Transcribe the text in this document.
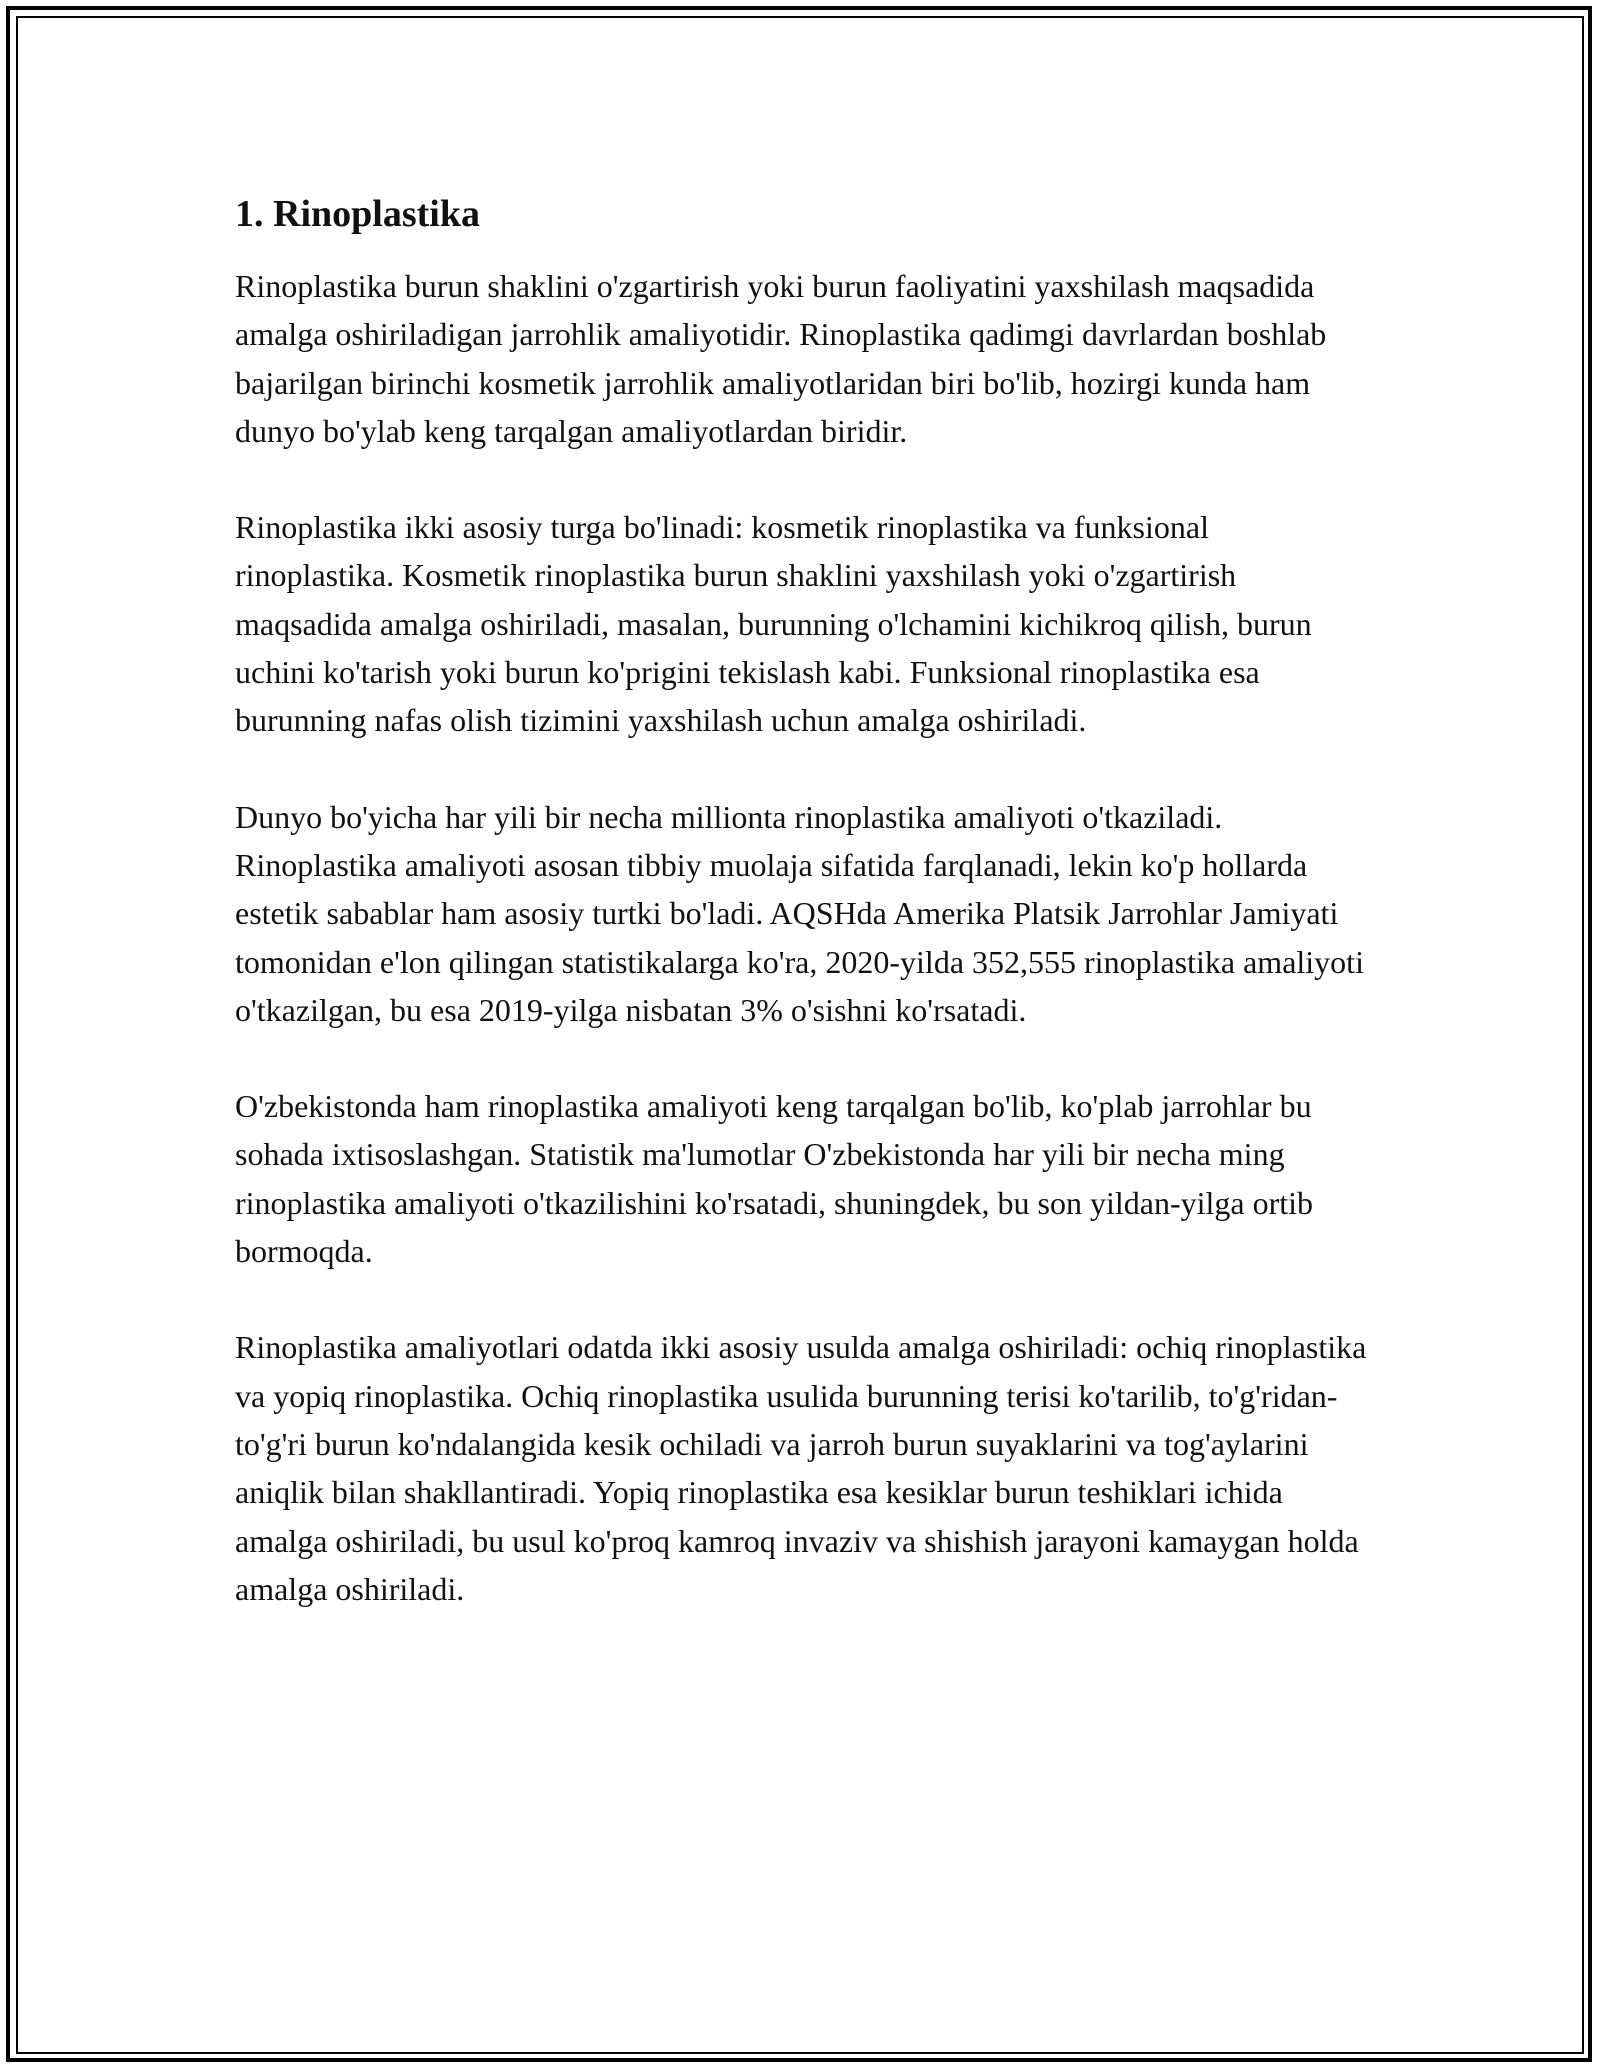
1. Rinoplastika

Rinoplastika burun shaklini o'zgartirish yoki burun faoliyatini yaxshilash maqsadida amalga oshiriladigan jarrohlik amaliyotidir. Rinoplastika qadimgi davrlardan boshlab bajarilgan birinchi kosmetik jarrohlik amaliyotlaridan biri bo'lib, hozirgi kunda ham dunyo bo'ylab keng tarqalgan amaliyotlardan biridir.

Rinoplastika ikki asosiy turga bo'linadi: kosmetik rinoplastika va funksional rinoplastika. Kosmetik rinoplastika burun shaklini yaxshilash yoki o'zgartirish maqsadida amalga oshiriladi, masalan, burunning o'lchamini kichikroq qilish, burun uchini ko'tarish yoki burun ko'prigini tekislash kabi. Funksional rinoplastika esa burunning nafas olish tizimini yaxshilash uchun amalga oshiriladi.

Dunyo bo'yicha har yili bir necha millionta rinoplastika amaliyoti o'tkaziladi. Rinoplastika amaliyoti asosan tibbiy muolaja sifatida farqlanadi, lekin ko'p hollarda estetik sabablar ham asosiy turtki bo'ladi. AQSHda Amerika Platsik Jarrohlar Jamiyati tomonidan e'lon qilingan statistikalarga ko'ra, 2020-yilda 352,555 rinoplastika amaliyoti o'tkazilgan, bu esa 2019-yilga nisbatan 3% o'sishni ko'rsatadi.

O'zbekistonda ham rinoplastika amaliyoti keng tarqalgan bo'lib, ko'plab jarrohlar bu sohada ixtisoslashgan. Statistik ma'lumotlar O'zbekistonda har yili bir necha ming rinoplastika amaliyoti o'tkazilishini ko'rsatadi, shuningdek, bu son yildan-yilga ortib bormoqda.

Rinoplastika amaliyotlari odatda ikki asosiy usulda amalga oshiriladi: ochiq rinoplastika va yopiq rinoplastika. Ochiq rinoplastika usulida burunning terisi ko'tarilib, to'g'ridan-to'g'ri burun ko'ndalangida kesik ochiladi va jarroh burun suyaklarini va tog'aylarini aniqlik bilan shakllantiradi. Yopiq rinoplastika esa kesiklar burun teshiklari ichida amalga oshiriladi, bu usul ko'proq kamroq invaziv va shishish jarayoni kamaygan holda amalga oshiriladi.
